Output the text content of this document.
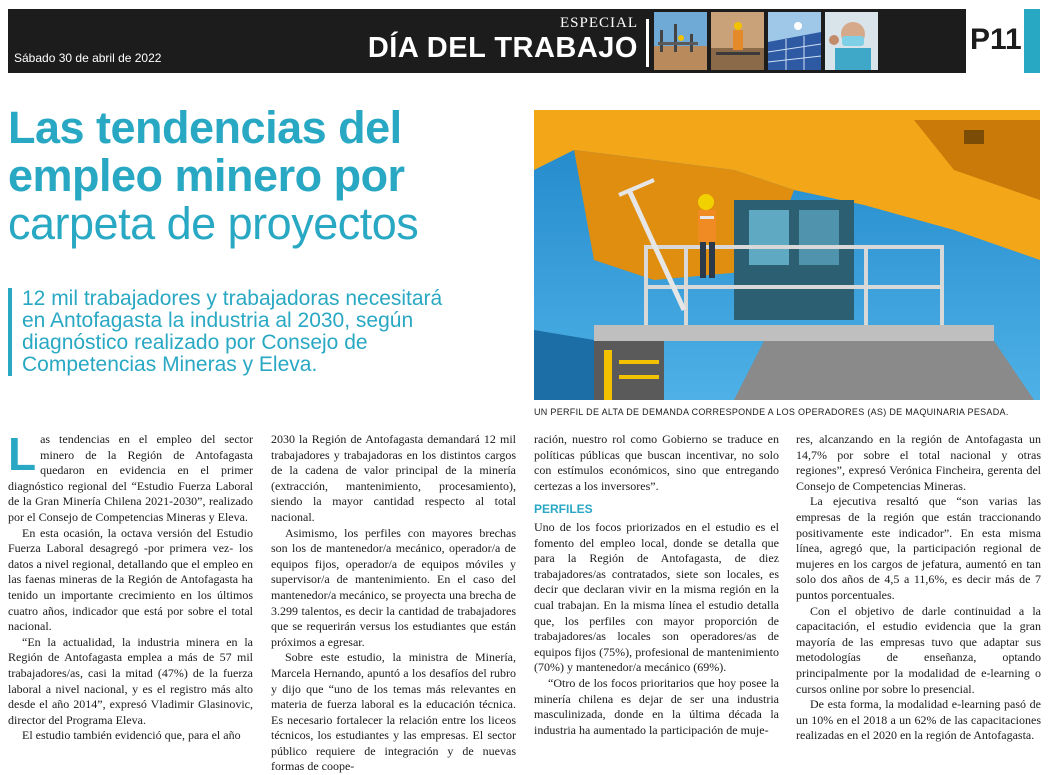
Sábado 30 de abril de 2022
ESPECIAL
DÍA DEL TRABAJO	P11
Las tendencias del
empleo minero por
carpeta de proyectos
12 mil trabajadores y trabajadoras necesitará en Antofagasta la industria al 2030, según diagnóstico realizado por Consejo de Competencias Mineras y Eleva.
UN PERFIL DE ALTA DE DEMANDA CORRESPONDE A LOS OPERADORES (AS) DE MAQUINARIA PESADA.

Las tendencias en el empleo del sector minero de la Región de Antofagasta quedaron en evidencia en el primer diagnóstico regional del “Estudio Fuerza Laboral de la Gran Minería Chilena 2021-2030”, realizado por el Consejo de Competencias Mineras y Eleva.

En esta ocasión, la octava versión del Estudio Fuerza Laboral desagregó -por primera vez- los datos a nivel regional, detallando que el empleo en las faenas mineras de la Región de Antofagasta ha tenido un importante crecimiento en los últimos cuatro años, indicador que está por sobre el total nacional.

“En la actualidad, la industria minera en la Región de Antofagasta emplea a más de 57 mil trabajadores/as, casi la mitad (47%) de la fuerza laboral a nivel nacional, y es el registro más alto desde el año 2014”, expresó Vladimir Glasinovic, director del Programa Eleva.

El estudio también evidenció que, para el año

2030 la Región de Antofagasta demandará 12 mil trabajadores y trabajadoras en los distintos cargos de la cadena de valor principal de la minería (extracción, mantenimiento, procesamiento), siendo la mayor cantidad respecto al total nacional.

Asimismo, los perfiles con mayores brechas son los de mantenedor/a mecánico, operador/a de equipos fijos, operador/a de equipos móviles y supervisor/a de mantenimiento. En el caso del mantenedor/a mecánico, se proyecta una brecha de 3.299 talentos, es decir la cantidad de trabajadores que se requerirán versus los estudiantes que están próximos a egresar.

Sobre este estudio, la ministra de Minería, Marcela Hernando, apuntó a los desafíos del rubro y dijo que “uno de los temas más relevantes en materia de fuerza laboral es la educación técnica. Es necesario fortalecer la relación entre los liceos técnicos, los estudiantes y las empresas. El sector público requiere de integración y de nuevas formas de coope-

ración, nuestro rol como Gobierno se traduce en políticas públicas que buscan incentivar, no solo con estímulos económicos, sino que entregando certezas a los inversores”.

PERFILES

Uno de los focos priorizados en el estudio es el fomento del empleo local, donde se detalla que para la Región de Antofagasta, de diez trabajadores/as contratados, siete son locales, es decir que declaran vivir en la misma región en la cual trabajan. En la misma línea el estudio detalla que, los perfiles con mayor proporción de trabajadores/as locales son operadores/as de equipos fijos (75%), profesional de mantenimiento (70%) y mantenedor/a mecánico (69%).

“Otro de los focos prioritarios que hoy posee la minería chilena es dejar de ser una industria masculinizada, donde en la última década la industria ha aumentado la participación de muje-

res, alcanzando en la región de Antofagasta un 14,7% por sobre el total nacional y otras regiones”, expresó Verónica Fincheira, gerenta del Consejo de Competencias Mineras.

La ejecutiva resaltó que “son varias las empresas de la región que están traccionando positivamente este indicador”. En esta misma línea, agregó que, la participación regional de mujeres en los cargos de jefatura, aumentó en tan solo dos años de 4,5 a 11,6%, es decir más de 7 puntos porcentuales.

Con el objetivo de darle continuidad a la capacitación, el estudio evidencia que la gran mayoría de las empresas tuvo que adaptar sus metodologías de enseñanza, optando principalmente por la modalidad de e-learning o cursos online por sobre lo presencial.

De esta forma, la modalidad e-learning pasó de un 10% en el 2018 a un 62% de las capacitaciones realizadas en el 2020 en la región de Antofagasta.
